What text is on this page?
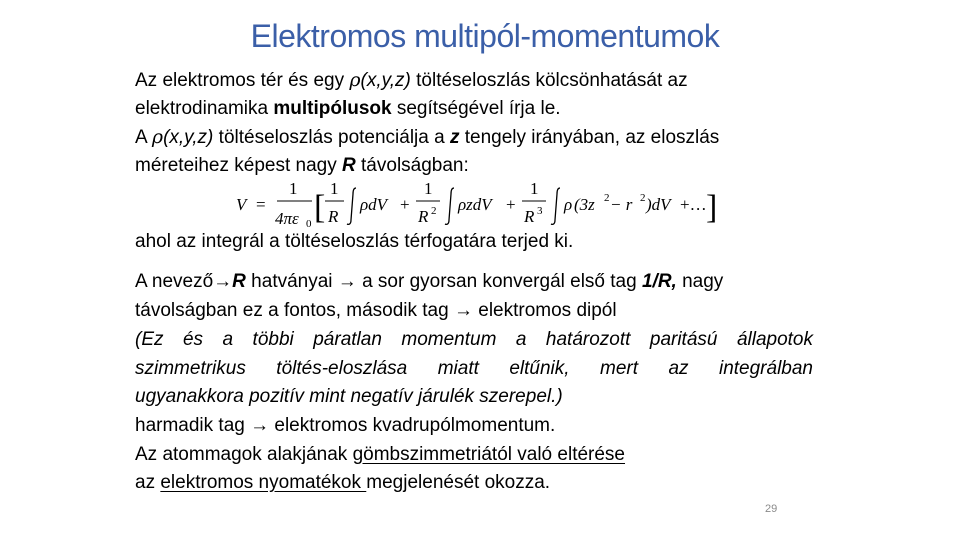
Elektromos multipól-momentumok
Az elektromos tér és egy ρ(x,y,z) töltéseloszlás kölcsönhatását az
elektrodinamika multipólusok segítségével írja le.
A ρ(x,y,z) töltéseloszlás potenciálja a z tengely irányában, az eloszlás
méreteihez képest nagy R távolságban:
V =
1
4πε 0 [
1
R
ρdV +
1
R 2 ρzdV +
1
R 3 ρ (3z 2 − r 2 )dV +… ]
ahol az integrál a töltéseloszlás térfogatára terjed ki.
A nevező→R hatványai → a sor gyorsan konvergál első tag 1/R, nagy
távolságban ez a fontos, második tag → elektromos dipól
(Ez és a többi páratlan momentum a határozott paritású állapotok
szimmetrikus töltés-eloszlása miatt eltűnik, mert az integrálban
ugyanakkora pozitív mint negatív járulék szerepel.)
harmadik tag → elektromos kvadrupólmomentum.
Az atommagok alakjának gömbszimmetriától való eltérése
az elektromos nyomatékok megjelenését okozza.
29
